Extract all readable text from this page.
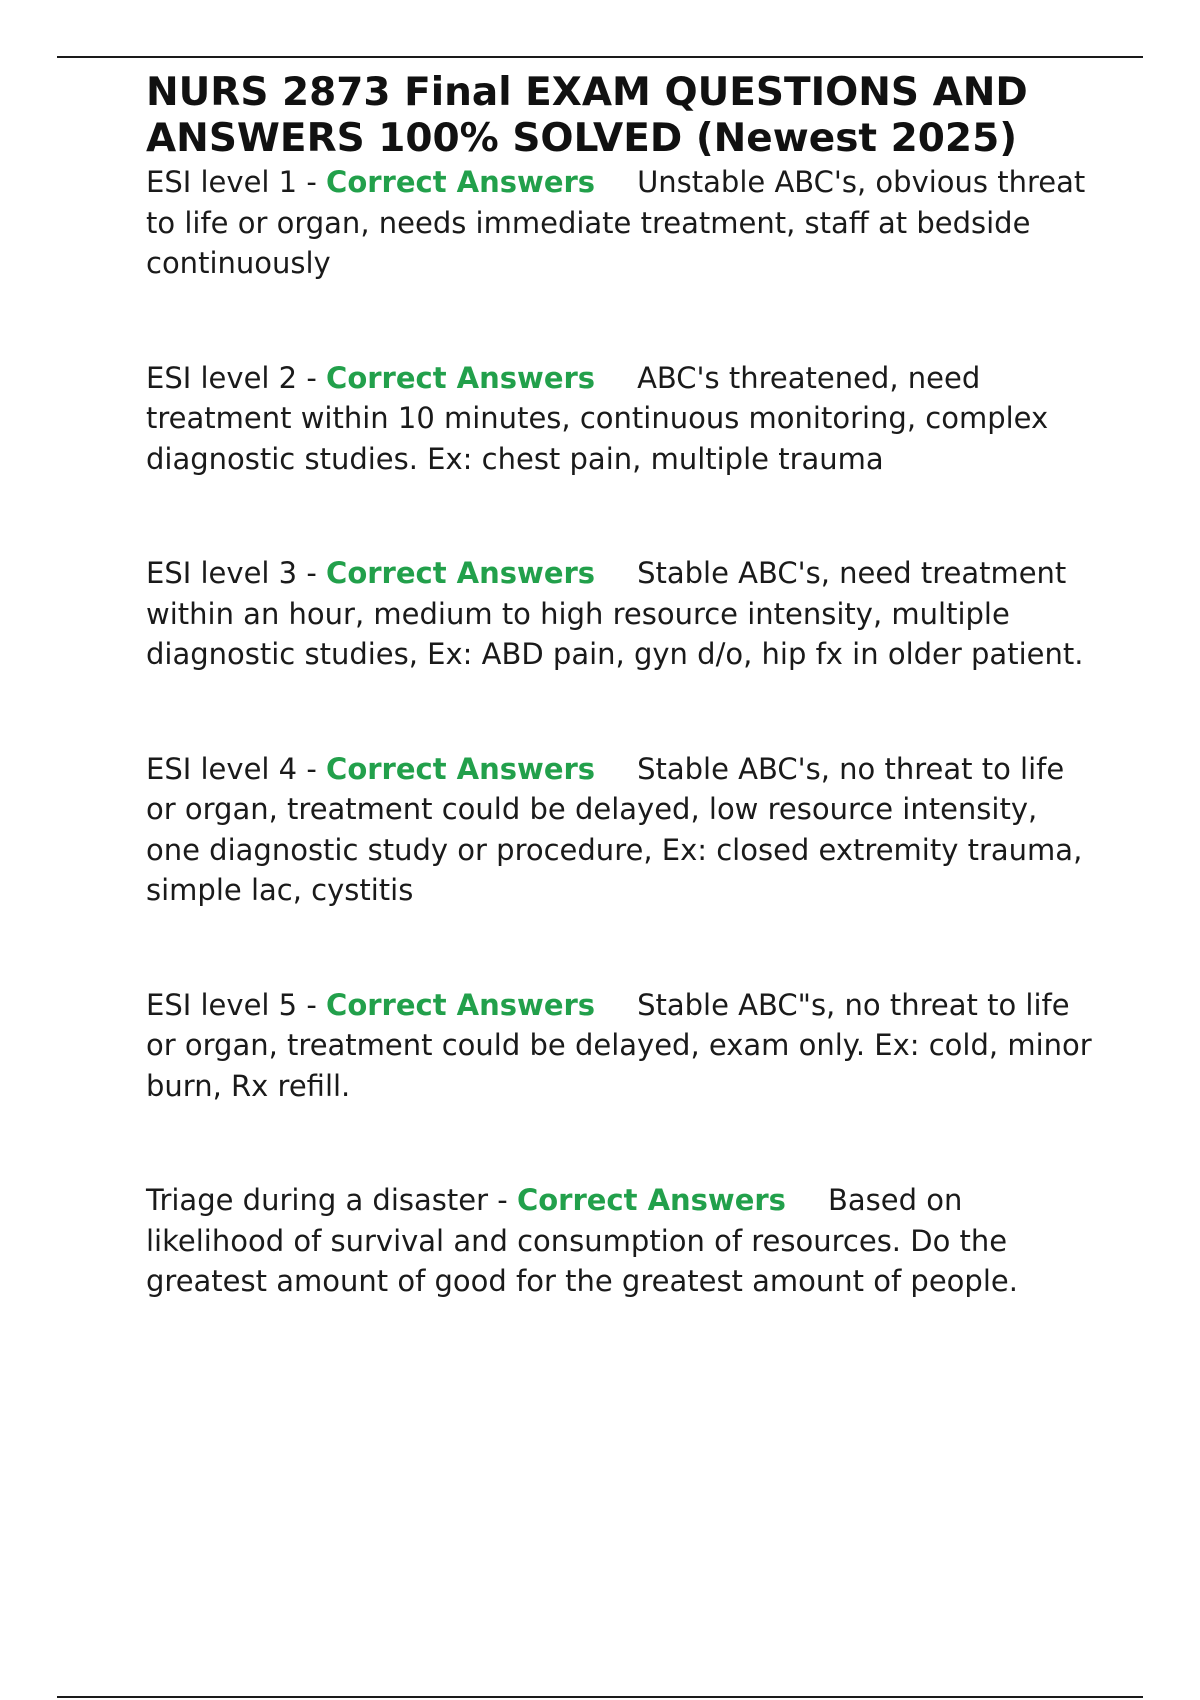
NURS 2873 Final EXAM QUESTIONS AND ANSWERS 100% SOLVED (Newest 2025)

ESI level 1 - Correct Answers Unstable ABC's, obvious threat to life or organ, needs immediate treatment, staff at bedside continuously

ESI level 2 - Correct Answers ABC's threatened, need treatment within 10 minutes, continuous monitoring, complex diagnostic studies. Ex: chest pain, multiple trauma

ESI level 3 - Correct Answers Stable ABC's, need treatment within an hour, medium to high resource intensity, multiple diagnostic studies, Ex: ABD pain, gyn d/o, hip fx in older patient.

ESI level 4 - Correct Answers Stable ABC's, no threat to life or organ, treatment could be delayed, low resource intensity, one diagnostic study or procedure, Ex: closed extremity trauma, simple lac, cystitis

ESI level 5 - Correct Answers Stable ABC"s, no threat to life or organ, treatment could be delayed, exam only. Ex: cold, minor burn, Rx refill.

Triage during a disaster - Correct Answers Based on likelihood of survival and consumption of resources. Do the greatest amount of good for the greatest amount of people.
